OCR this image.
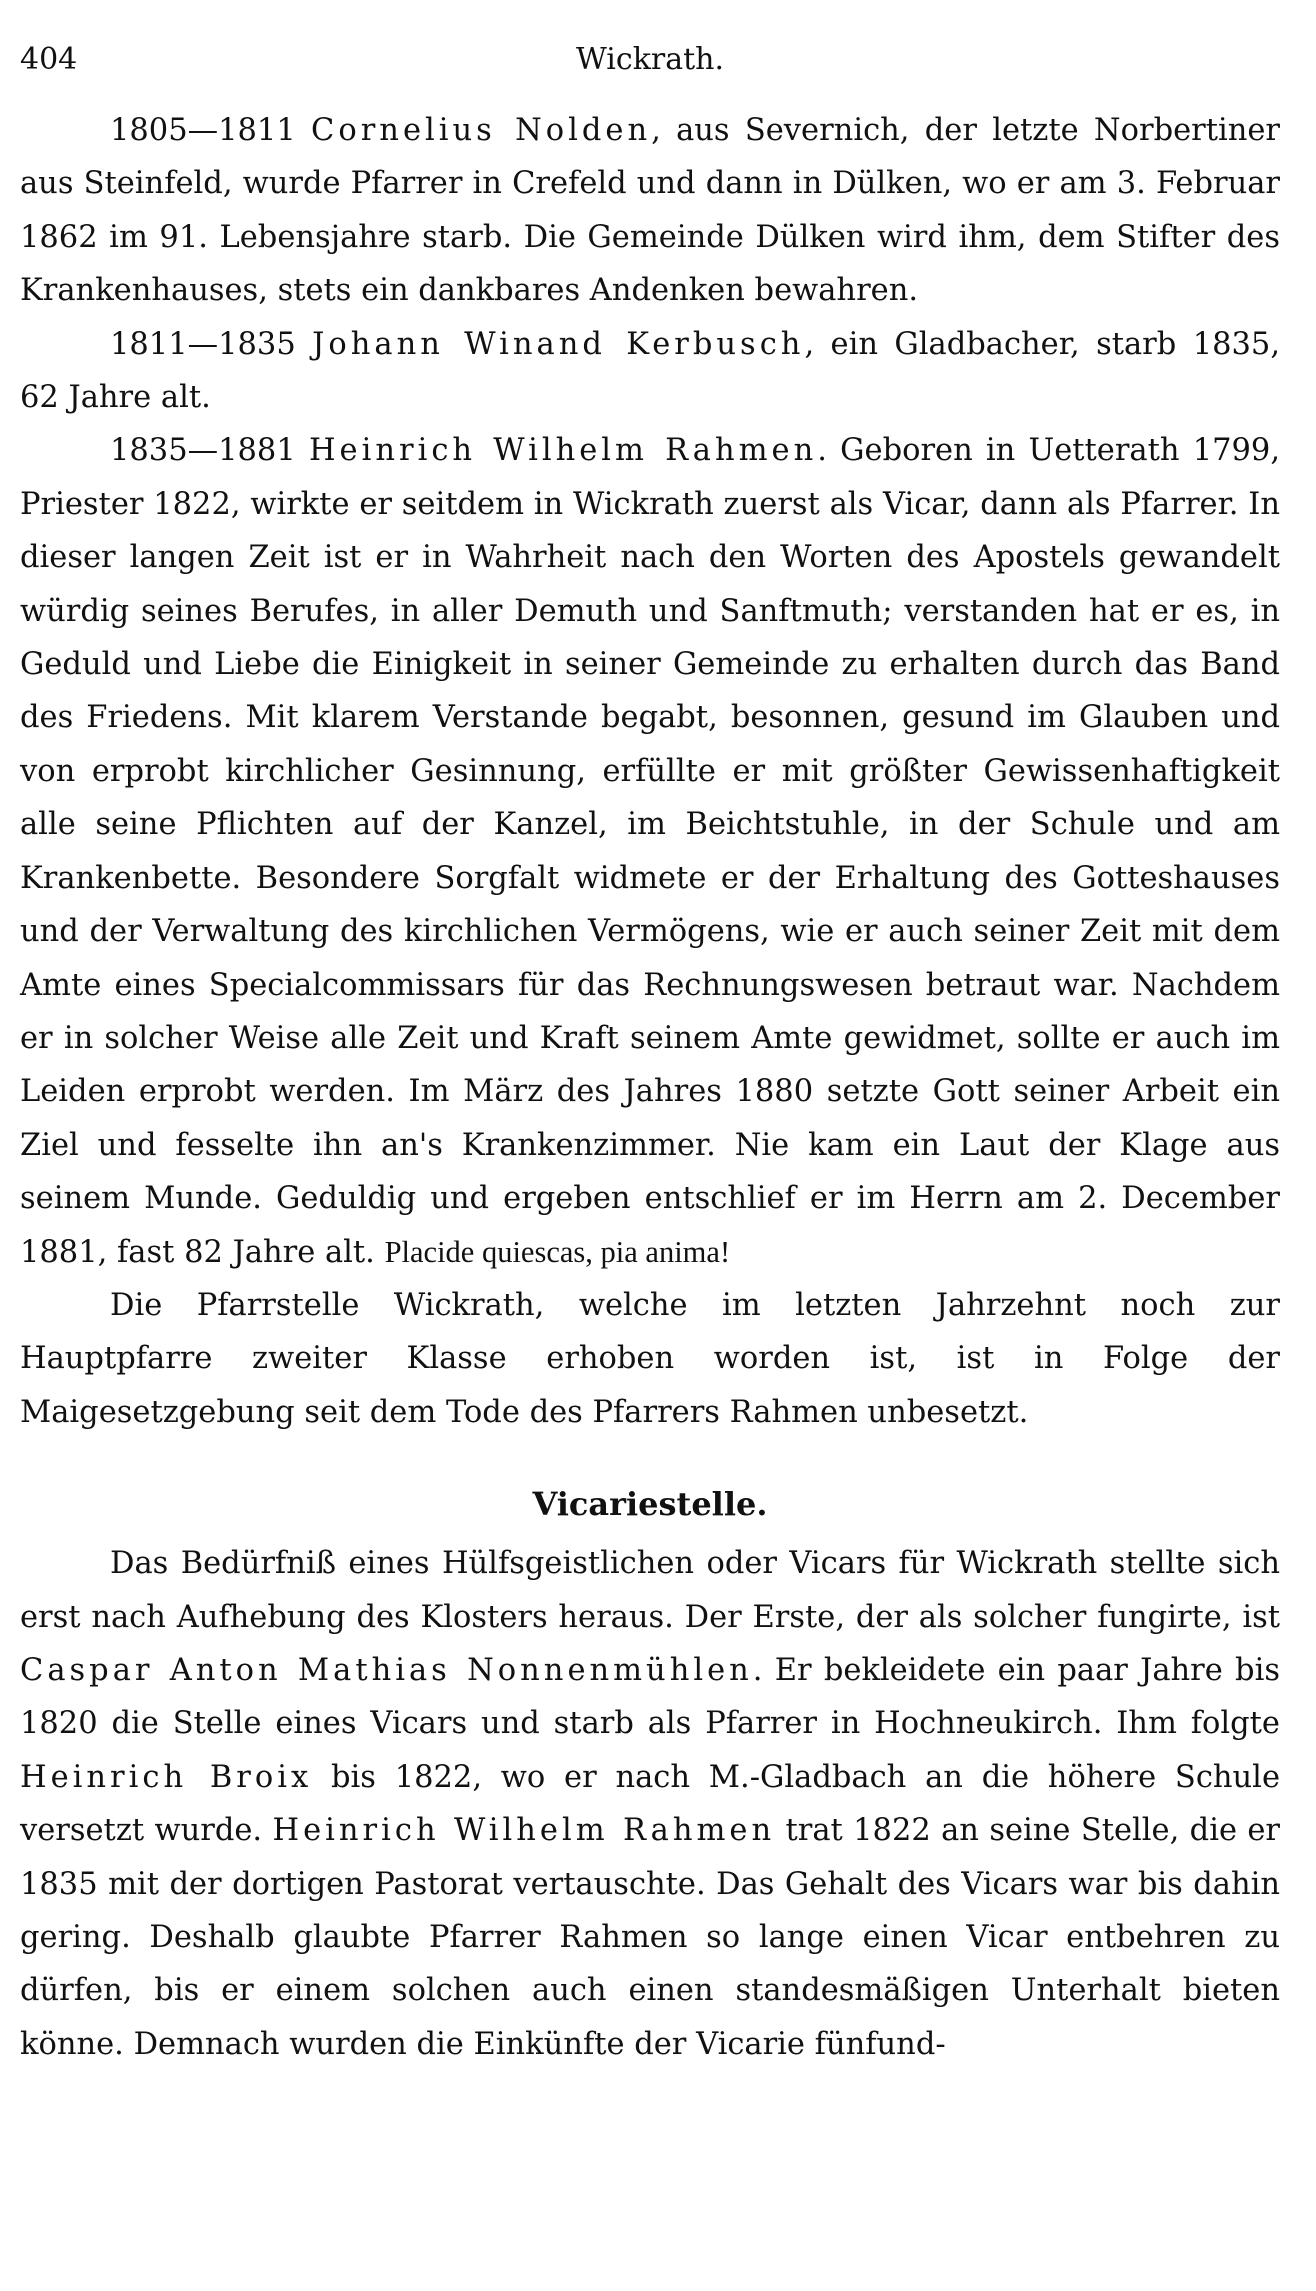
404	Wickrath.

1805—1811 Cornelius Nolden, aus Severnich, der letzte Norbertiner aus Steinfeld, wurde Pfarrer in Crefeld und dann in Dülken, wo er am 3. Februar 1862 im 91. Lebensjahre starb. Die Gemeinde Dülken wird ihm, dem Stifter des Krankenhauses, stets ein dankbares Andenken bewahren.

1811—1835 Johann Winand Kerbusch, ein Gladbacher, starb 1835, 62 Jahre alt.

1835—1881 Heinrich Wilhelm Rahmen. Geboren in Uetterath 1799, Priester 1822, wirkte er seitdem in Wickrath zuerst als Vicar, dann als Pfarrer. In dieser langen Zeit ist er in Wahrheit nach den Worten des Apostels gewandelt würdig seines Berufes, in aller Demuth und Sanftmuth; verstanden hat er es, in Geduld und Liebe die Einigkeit in seiner Gemeinde zu erhalten durch das Band des Friedens. Mit klarem Verstande begabt, besonnen, gesund im Glauben und von erprobt kirchlicher Gesinnung, erfüllte er mit größter Gewissenhaftigkeit alle seine Pflichten auf der Kanzel, im Beichtstuhle, in der Schule und am Krankenbette. Besondere Sorgfalt widmete er der Erhaltung des Gotteshauses und der Verwaltung des kirchlichen Vermögens, wie er auch seiner Zeit mit dem Amte eines Specialcommissars für das Rechnungswesen betraut war. Nachdem er in solcher Weise alle Zeit und Kraft seinem Amte gewidmet, sollte er auch im Leiden erprobt werden. Im März des Jahres 1880 setzte Gott seiner Arbeit ein Ziel und fesselte ihn an's Krankenzimmer. Nie kam ein Laut der Klage aus seinem Munde. Geduldig und ergeben entschlief er im Herrn am 2. December 1881, fast 82 Jahre alt. Placide quiescas, pia anima!

Die Pfarrstelle Wickrath, welche im letzten Jahrzehnt noch zur Hauptpfarre zweiter Klasse erhoben worden ist, ist in Folge der Maigesetzgebung seit dem Tode des Pfarrers Rahmen unbesetzt.

Vicariestelle.

Das Bedürfniß eines Hülfsgeistlichen oder Vicars für Wickrath stellte sich erst nach Aufhebung des Klosters heraus. Der Erste, der als solcher fungirte, ist Caspar Anton Mathias Nonnenmühlen. Er bekleidete ein paar Jahre bis 1820 die Stelle eines Vicars und starb als Pfarrer in Hochneukirch. Ihm folgte Heinrich Broix bis 1822, wo er nach M.-Gladbach an die höhere Schule versetzt wurde. Heinrich Wilhelm Rahmen trat 1822 an seine Stelle, die er 1835 mit der dortigen Pastorat vertauschte. Das Gehalt des Vicars war bis dahin gering. Deshalb glaubte Pfarrer Rahmen so lange einen Vicar entbehren zu dürfen, bis er einem solchen auch einen standesmäßigen Unterhalt bieten könne. Demnach wurden die Einkünfte der Vicarie fünfund-
